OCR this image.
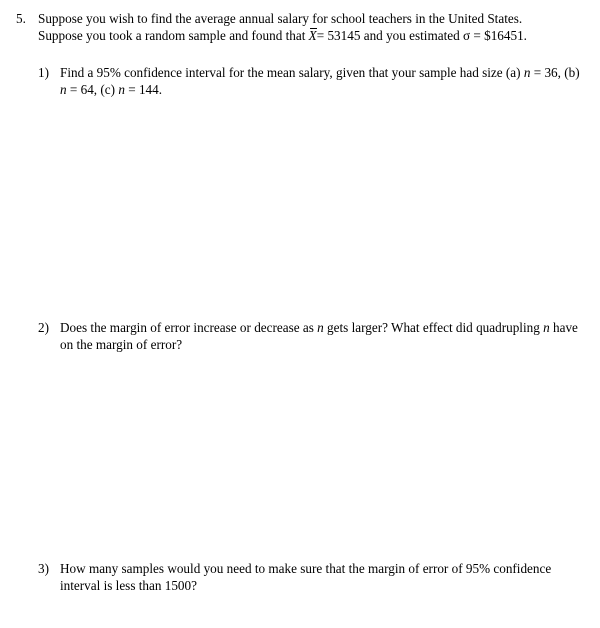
5. Suppose you wish to find the average annual salary for school teachers in the United States.
Suppose you took a random sample and found that X= 53145 and you estimated σ = $16451.
1) Find a 95% confidence interval for the mean salary, given that your sample had size (a) n = 36, (b) n = 64, (c) n = 144.
2) Does the margin of error increase or decrease as n gets larger? What effect did quadrupling n have on the margin of error?
3) How many samples would you need to make sure that the margin of error of 95% confidence interval is less than 1500?
